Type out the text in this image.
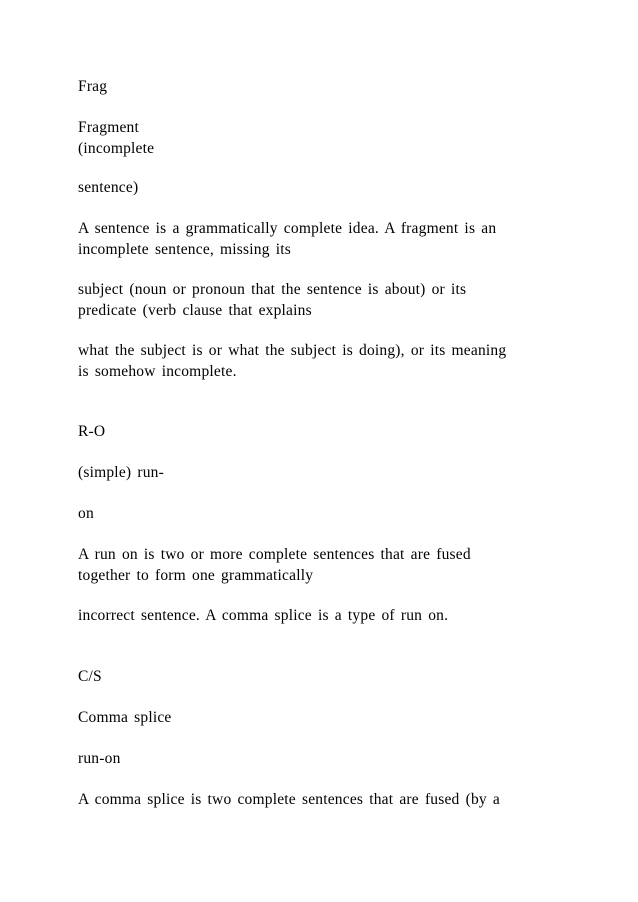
Frag
Fragment
(incomplete
sentence)
A sentence is a grammatically complete idea. A fragment is an
incomplete sentence, missing its
subject (noun or pronoun that the sentence is about) or its
predicate (verb clause that explains
what the subject is or what the subject is doing), or its meaning
is somehow incomplete.
R-O
(simple) run-
on
A run on is two or more complete sentences that are fused
together to form one grammatically
incorrect sentence. A comma splice is a type of run on.
C/S
Comma splice
run-on
A comma splice is two complete sentences that are fused (by a
